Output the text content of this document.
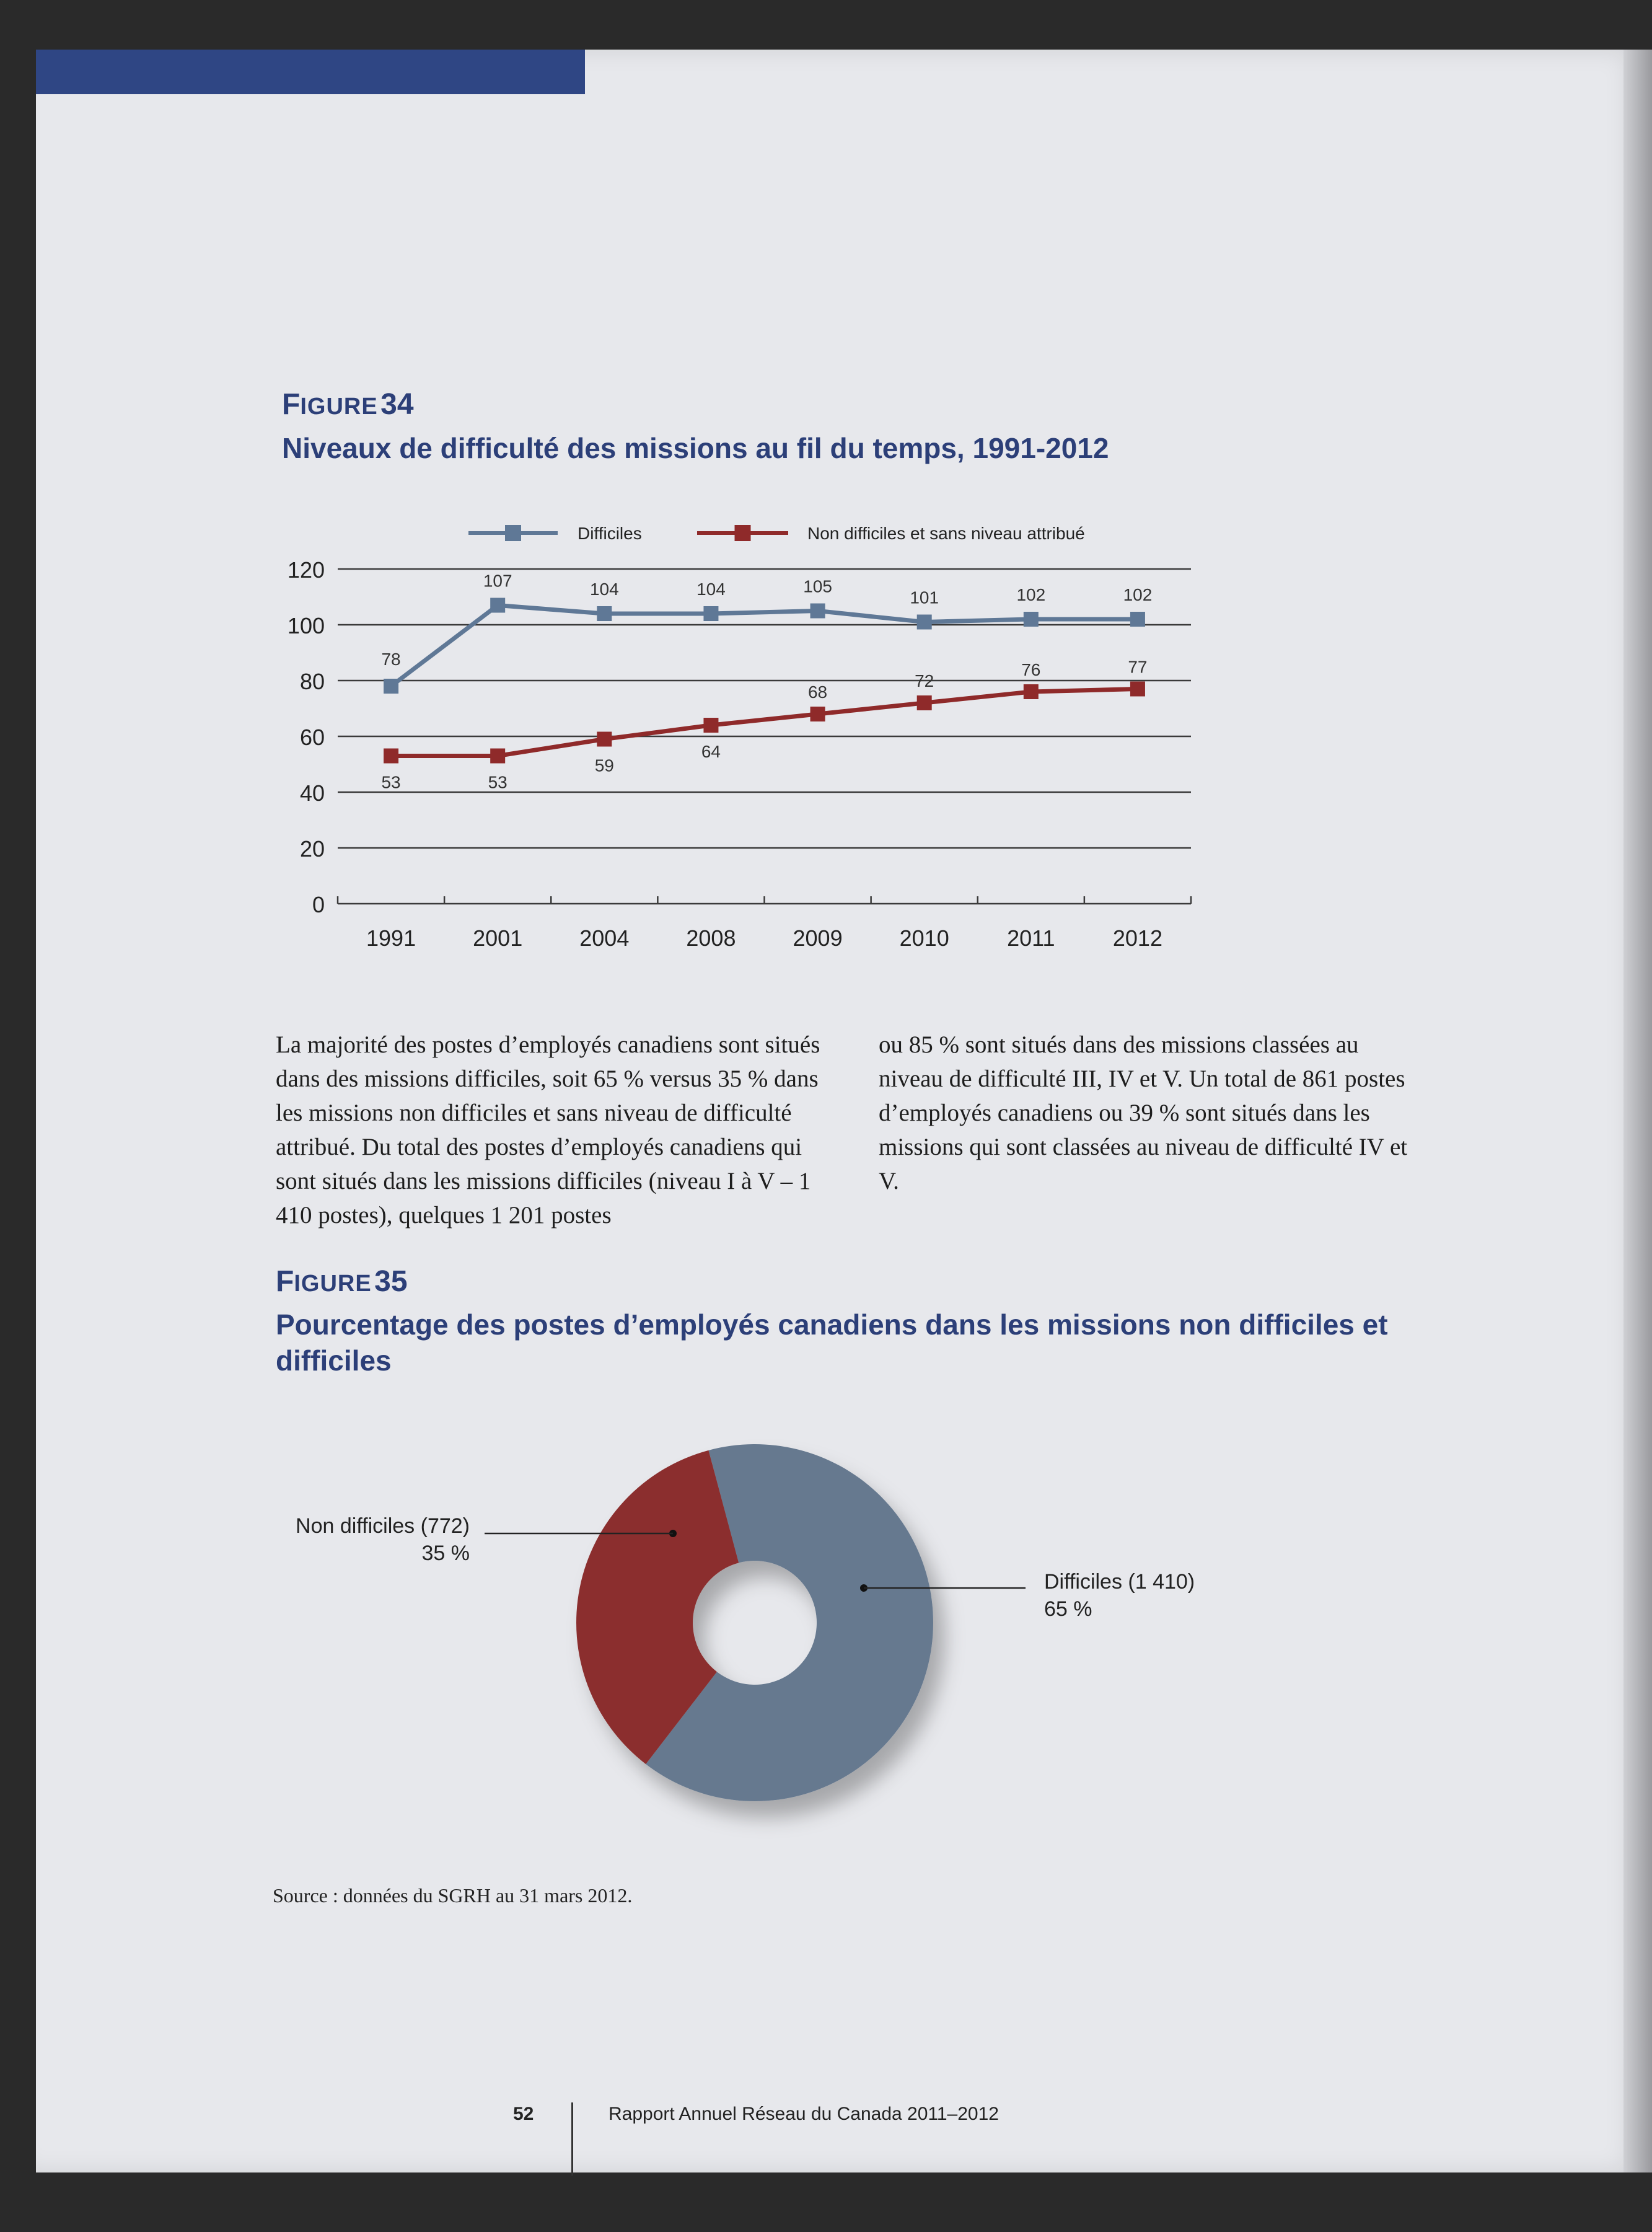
FIGURE 34

Niveaux de difficulté des missions au fil du temps, 1991-2012

0
20
40
60
80
100
120
1991	2001	2004	2008	2009	2010	2011	2012
Difficiles	Non difficiles et sans niveau attribué
78
107	104	104	105
101	102	102
53	53
59
64
68
72
76	77

La majorité des postes d’employés canadiens sont situés dans des missions difficiles, soit 65 % versus 35 % dans les missions non difficiles et sans niveau de difficulté attribué. Du total des postes d’employés canadiens qui sont situés dans les missions difficiles (niveau I à V – 1 410 postes), quelques 1 201 postes

ou 85 % sont situés dans des missions classées au niveau de difficulté III, IV et V. Un total de 861 postes d’employés canadiens ou 39 % sont situés dans les missions qui sont classées au niveau de difficulté IV et V.

FIGURE 35

Pourcentage des postes d’employés canadiens dans les missions non difficiles et difficiles

Non difficiles (772)
35 %
Difficiles (1 410)
65 %

Source : données du SGRH au 31 mars 2012.

52	Rapport Annuel Réseau du Canada 2011–2012
